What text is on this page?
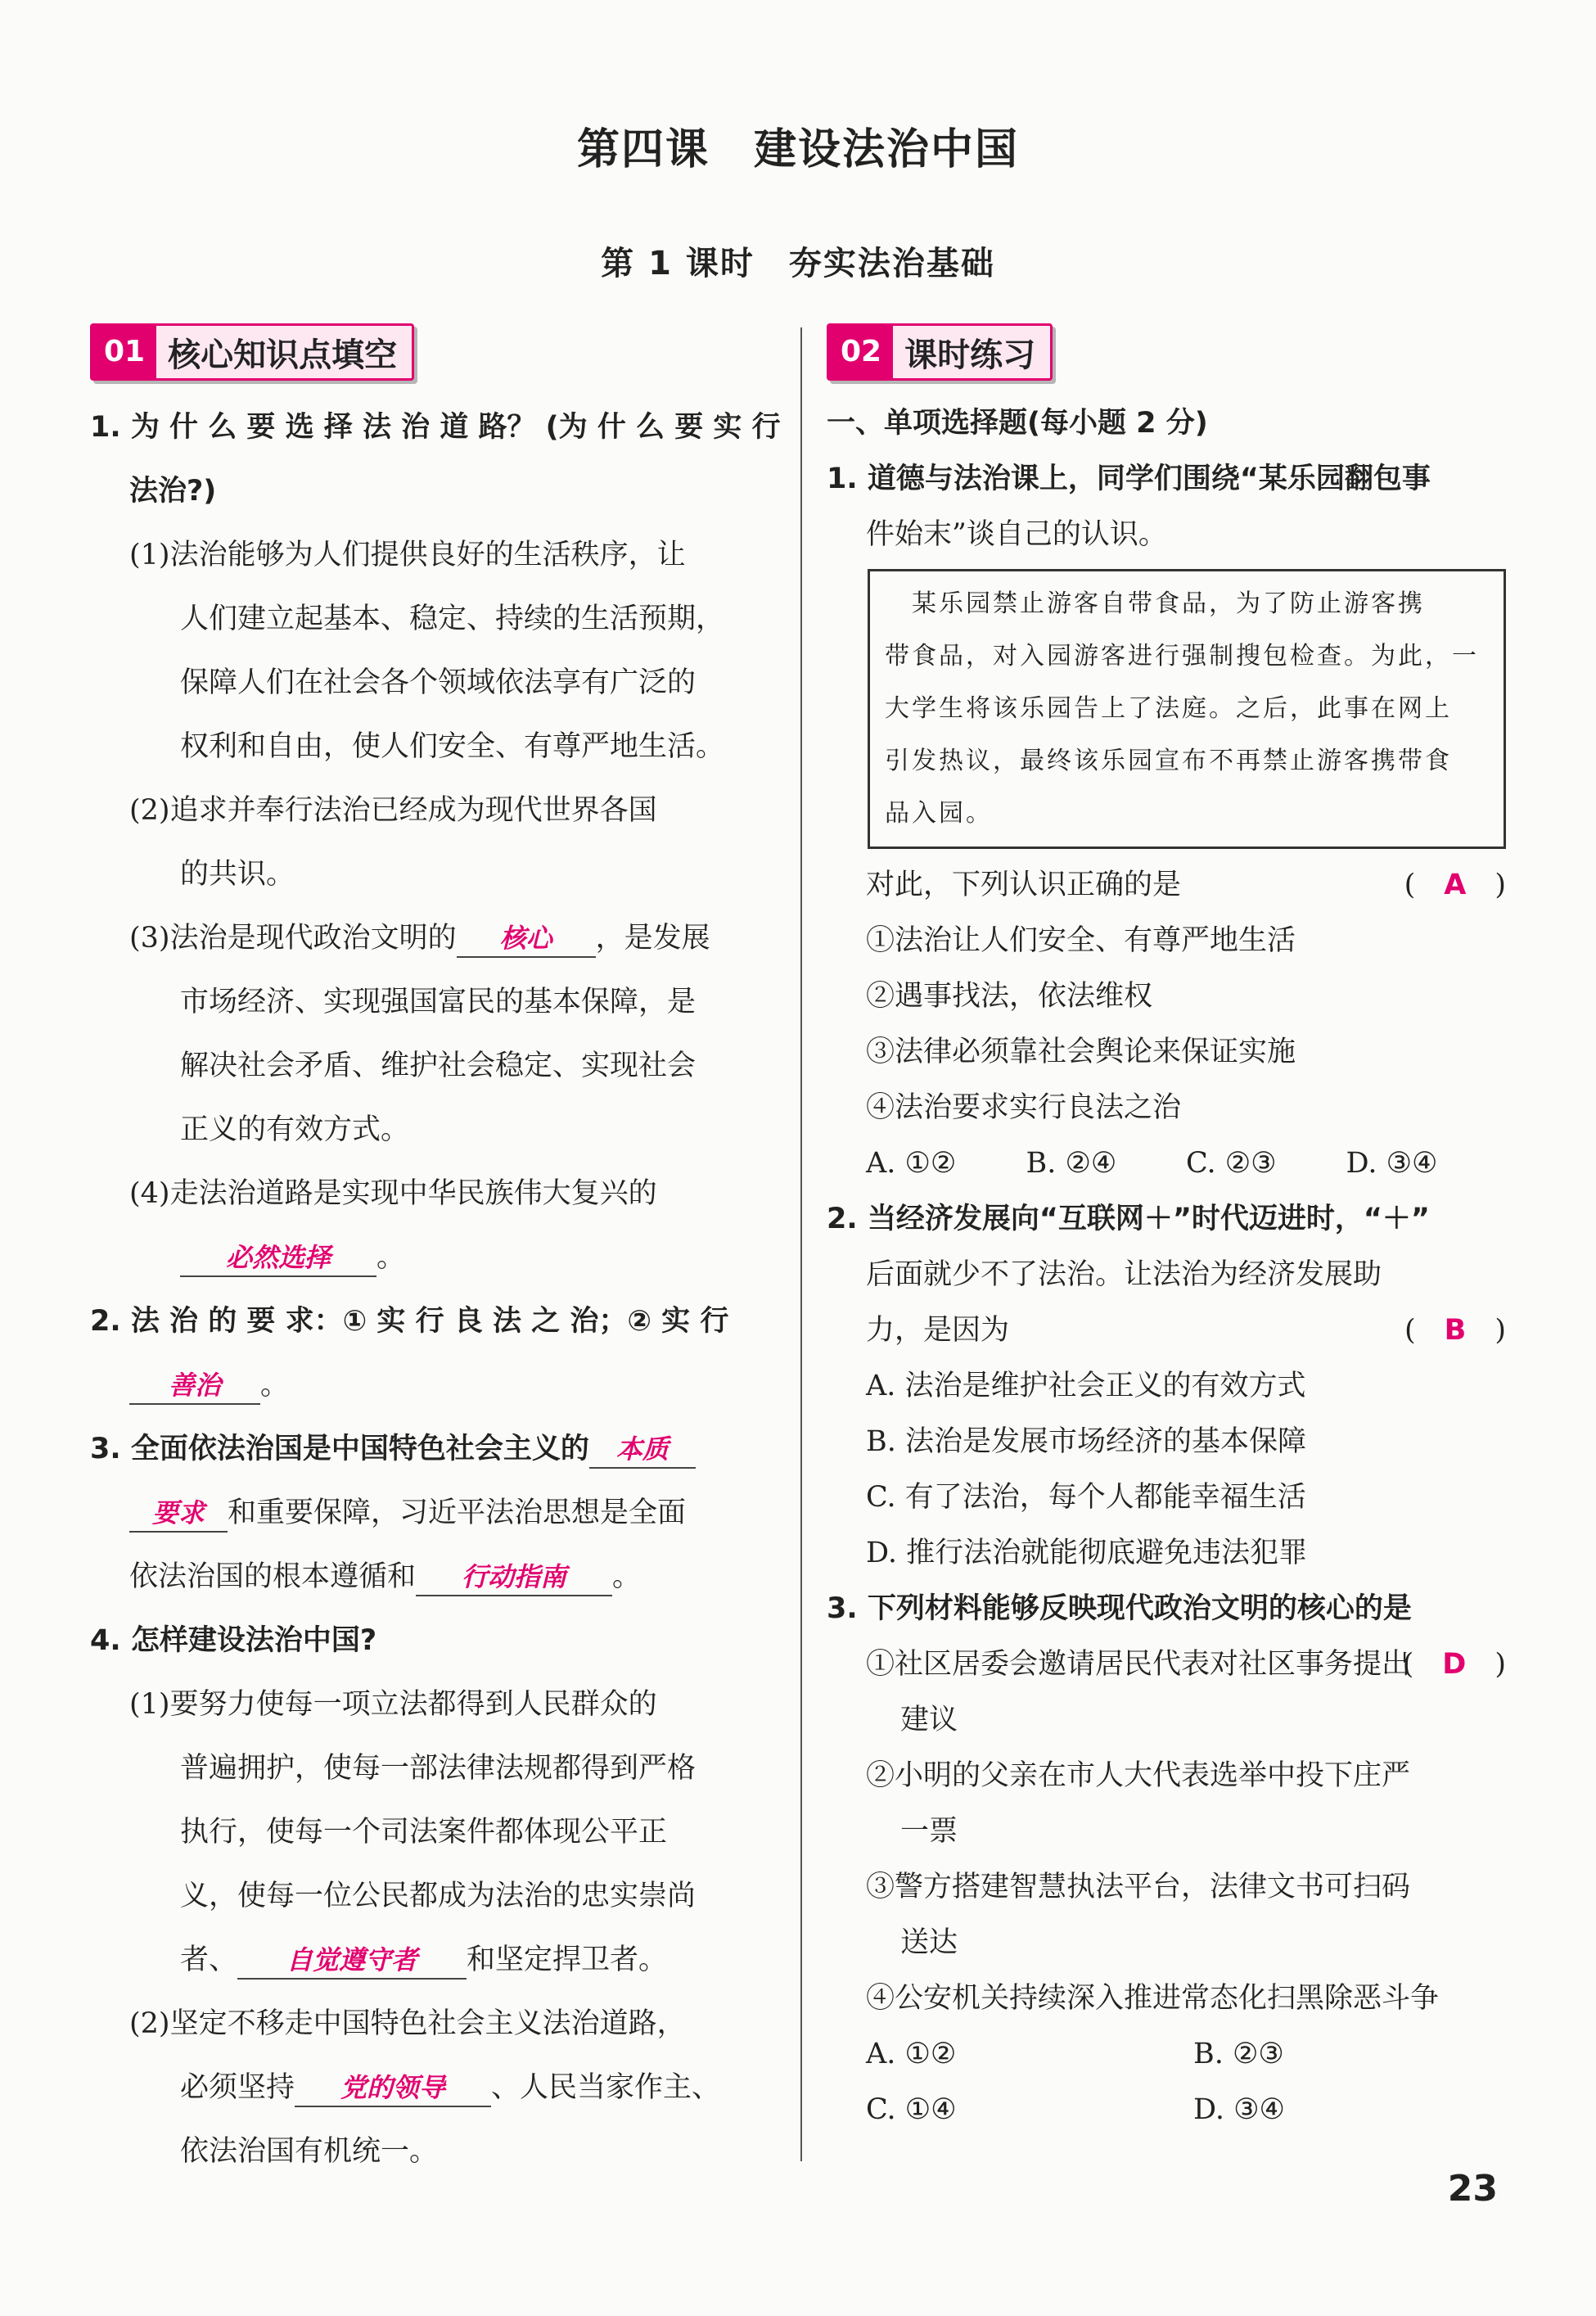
第四课　建设法治中国
第 1 课时　夯实法治基础
01 核心知识点填空

1. 为 什 么 要 选 择 法 治 道 路？ (为 什 么 要 实 行

法治?)

(1)法治能够为人们提供良好的生活秩序，让

人们建立起基本、稳定、持续的生活预期，

保障人们在社会各个领域依法享有广泛的

权利和自由，使人们安全、有尊严地生活。

(2)追求并奉行法治已经成为现代世界各国

的共识。

(3)法治是现代政治文明的 核心 ，是发展

市场经济、实现强国富民的基本保障，是

解决社会矛盾、维护社会稳定、实现社会

正义的有效方式。

(4)走法治道路是实现中华民族伟大复兴的

必然选择 。

2. 法 治 的 要 求：① 实 行 良 法 之 治；② 实 行

善治 。

3. 全面依法治国是中国特色社会主义的 本质

要求 和重要保障，习近平法治思想是全面

依法治国的根本遵循和 行动指南 。

4. 怎样建设法治中国?

(1)要努力使每一项立法都得到人民群众的

普遍拥护，使每一部法律法规都得到严格

执行，使每一个司法案件都体现公平正

义，使每一位公民都成为法治的忠实崇尚

者、 自觉遵守者 和坚定捍卫者。

(2)坚定不移走中国特色社会主义法治道路，

必须坚持 党的领导 、人民当家作主、

依法治国有机统一。

02 课时练习

一、单项选择题(每小题 2 分)

1. 道德与法治课上，同学们围绕“某乐园翻包事

件始末”谈自己的认识。

　某乐园禁止游客自带食品，为了防止游客携
带食品，对入园游客进行强制搜包检查。为此，一
大学生将该乐园告上了法庭。之后，此事在网上
引发热议，最终该乐园宣布不再禁止游客携带食
品入园。

对此，下列认识正确的是	(　A　)

①法治让人们安全、有尊严地生活

②遇事找法，依法维权

③法律必须靠社会舆论来保证实施

④法治要求实行良法之治

A. ①②	B. ②④	C. ②③	D. ③④

2. 当经济发展向“互联网＋”时代迈进时，“＋”

后面就少不了法治。让法治为经济发展助

力，是因为	(　B　)

A. 法治是维护社会正义的有效方式

B. 法治是发展市场经济的基本保障

C. 有了法治，每个人都能幸福生活

D. 推行法治就能彻底避免违法犯罪

3. 下列材料能够反映现代政治文明的核心的是

(　D　)

①社区居委会邀请居民代表对社区事务提出

建议

②小明的父亲在市人大代表选举中投下庄严

一票

③警方搭建智慧执法平台，法律文书可扫码

送达

④公安机关持续深入推进常态化扫黑除恶斗争

A. ①②	B. ②③

C. ①④	D. ③④

23
